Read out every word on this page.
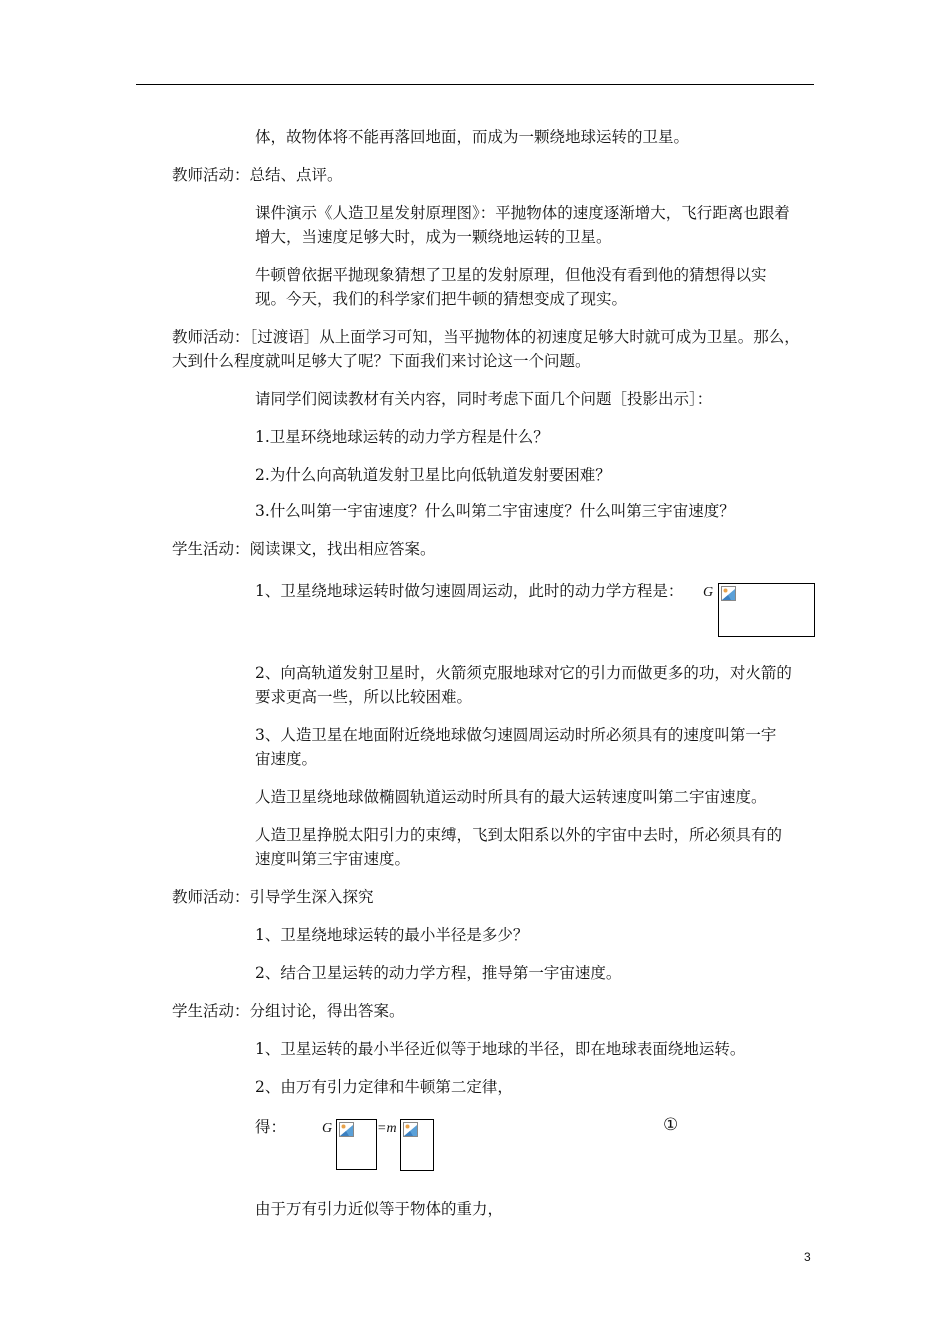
体，故物体将不能再落回地面，而成为一颗绕地球运转的卫星。
教师活动：总结、点评。
课件演示《人造卫星发射原理图》：平抛物体的速度逐渐增大，飞行距离也跟着
增大，当速度足够大时，成为一颗绕地运转的卫星。
牛顿曾依据平抛现象猜想了卫星的发射原理，但他没有看到他的猜想得以实
现。今天，我们的科学家们把牛顿的猜想变成了现实。
教师活动：［过渡语］从上面学习可知，当平抛物体的初速度足够大时就可成为卫星。那么，
大到什么程度就叫足够大了呢？下面我们来讨论这一个问题。
请同学们阅读教材有关内容，同时考虑下面几个问题［投影出示］：
1.卫星环绕地球运转的动力学方程是什么？
2.为什么向高轨道发射卫星比向低轨道发射要困难？
3.什么叫第一宇宙速度？什么叫第二宇宙速度？什么叫第三宇宙速度？
学生活动：阅读课文，找出相应答案。
1、卫星绕地球运转时做匀速圆周运动，此时的动力学方程是： G
2、向高轨道发射卫星时，火箭须克服地球对它的引力而做更多的功，对火箭的
要求更高一些，所以比较困难。
3、人造卫星在地面附近绕地球做匀速圆周运动时所必须具有的速度叫第一宇
宙速度。
人造卫星绕地球做椭圆轨道运动时所具有的最大运转速度叫第二宇宙速度。
人造卫星挣脱太阳引力的束缚，飞到太阳系以外的宇宙中去时，所必须具有的
速度叫第三宇宙速度。
教师活动：引导学生深入探究
1、卫星绕地球运转的最小半径是多少？
2、结合卫星运转的动力学方程，推导第一宇宙速度。
学生活动：分组讨论，得出答案。
1、卫星运转的最小半径近似等于地球的半径，即在地球表面绕地运转。
2、由万有引力定律和牛顿第二定律，
得：	G	=m	①
由于万有引力近似等于物体的重力，
3
